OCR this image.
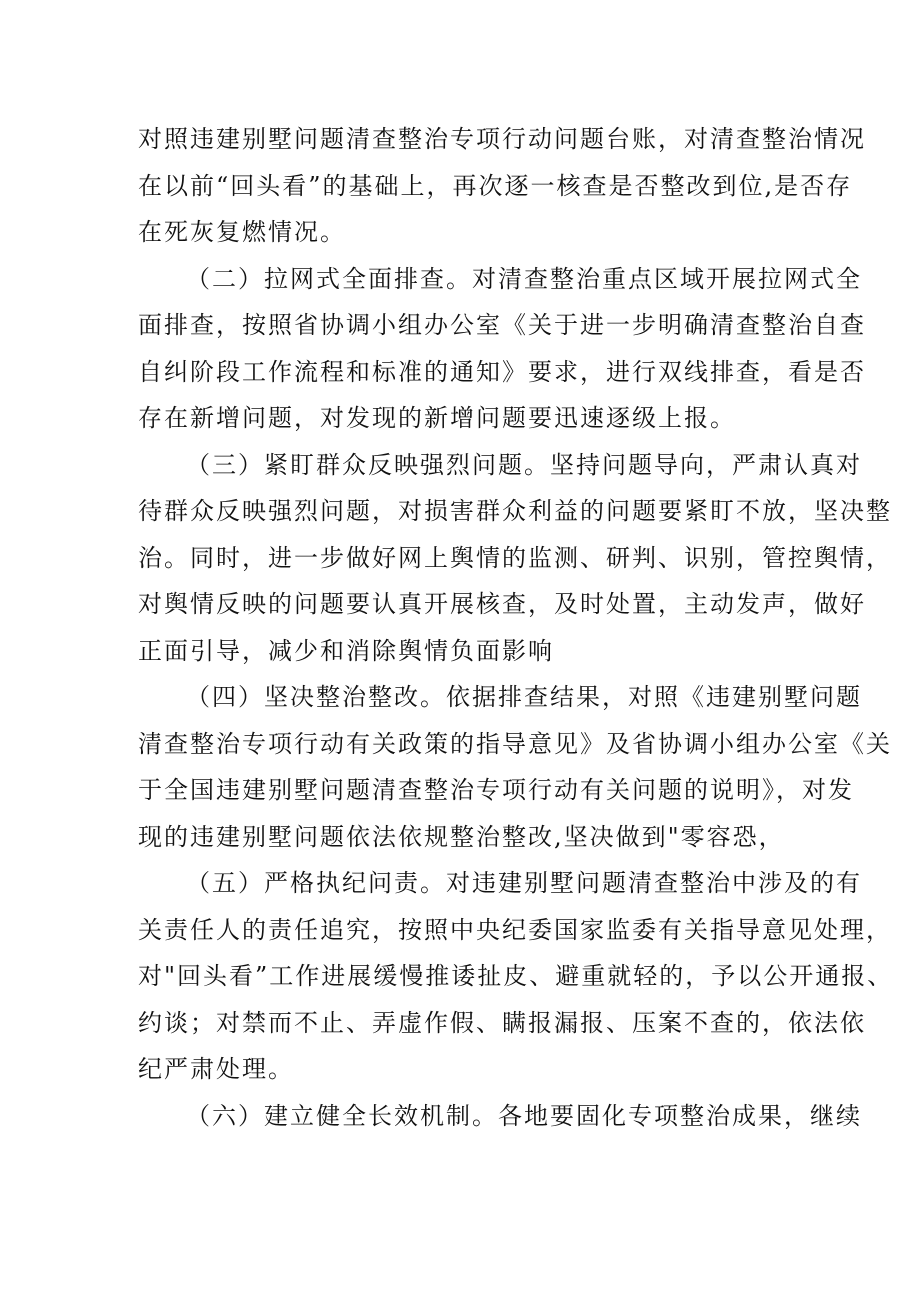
对照违建别墅问题清查整治专项行动问题台账，对清查整治情况
在以前“回头看”的基础上，再次逐一核查是否整改到位,是否存
在死灰复燃情况。
（二）拉网式全面排查。对清查整治重点区域开展拉网式全
面排查，按照省协调小组办公室《关于进一步明确清查整治自查
自纠阶段工作流程和标准的通知》要求，进行双线排查，看是否
存在新增问题，对发现的新增问题要迅速逐级上报。
（三）紧盯群众反映强烈问题。坚持问题导向，严肃认真对
待群众反映强烈问题，对损害群众利益的问题要紧盯不放，坚决整
治。同时，进一步做好网上舆情的监测、研判、识别，管控舆情，
对舆情反映的问题要认真开展核查，及时处置，主动发声，做好
正面引导，减少和消除舆情负面影响
（四）坚决整治整改。依据排查结果，对照《违建别墅问题
清查整治专项行动有关政策的指导意见》及省协调小组办公室《关
于全国违建别墅问题清查整治专项行动有关问题的说明》，对发
现的违建别墅问题依法依规整治整改,坚决做到"零容恐，
（五）严格执纪问责。对违建别墅问题清查整治中涉及的有
关责任人的责任追究，按照中央纪委国家监委有关指导意见处理，
对"回头看”工作进展缓慢推诿扯皮、避重就轻的，予以公开通报、
约谈；对禁而不止、弄虚作假、瞒报漏报、压案不查的，依法依
纪严肃处理。
（六）建立健全长效机制。各地要固化专项整治成果，继续
